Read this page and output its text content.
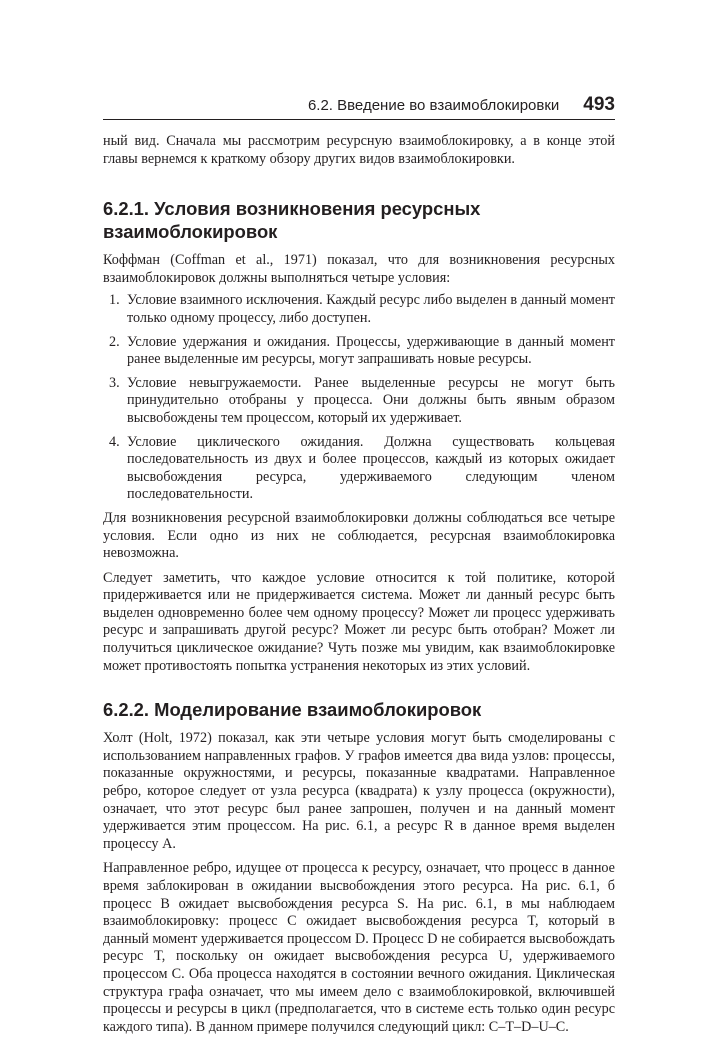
6.2. Введение во взаимоблокировки 493

ный вид. Сначала мы рассмотрим ресурсную взаимоблокировку, а в конце этой главы вернемся к краткому обзору других видов взаимоблокировки.

6.2.1. Условия возникновения ресурсных взаимоблокировок

Коффман (Coffman et al., 1971) показал, что для возникновения ресурсных взаимоблокировок должны выполняться четыре условия:

1. Условие взаимного исключения. Каждый ресурс либо выделен в данный момент только одному процессу, либо доступен.

2. Условие удержания и ожидания. Процессы, удерживающие в данный момент ранее выделенные им ресурсы, могут запрашивать новые ресурсы.

3. Условие невыгружаемости. Ранее выделенные ресурсы не могут быть принудительно отобраны у процесса. Они должны быть явным образом высвобождены тем процессом, который их удерживает.

4. Условие циклического ожидания. Должна существовать кольцевая последовательность из двух и более процессов, каждый из которых ожидает высвобождения ресурса, удерживаемого следующим членом последовательности.

Для возникновения ресурсной взаимоблокировки должны соблюдаться все четыре условия. Если одно из них не соблюдается, ресурсная взаимоблокировка невозможна.

Следует заметить, что каждое условие относится к той политике, которой придерживается или не придерживается система. Может ли данный ресурс быть выделен одновременно более чем одному процессу? Может ли процесс удерживать ресурс и запрашивать другой ресурс? Может ли ресурс быть отобран? Может ли получиться циклическое ожидание? Чуть позже мы увидим, как взаимоблокировке может противостоять попытка устранения некоторых из этих условий.

6.2.2. Моделирование взаимоблокировок

Холт (Holt, 1972) показал, как эти четыре условия могут быть смоделированы с использованием направленных графов. У графов имеется два вида узлов: процессы, показанные окружностями, и ресурсы, показанные квадратами. Направленное ребро, которое следует от узла ресурса (квадрата) к узлу процесса (окружности), означает, что этот ресурс был ранее запрошен, получен и на данный момент удерживается этим процессом. На рис. 6.1, а ресурс R в данное время выделен процессу A.

Направленное ребро, идущее от процесса к ресурсу, означает, что процесс в данное время заблокирован в ожидании высвобождения этого ресурса. На рис. 6.1, б процесс B ожидает высвобождения ресурса S. На рис. 6.1, в мы наблюдаем взаимоблокировку: процесс C ожидает высвобождения ресурса T, который в данный момент удерживается процессом D. Процесс D не собирается высвобождать ресурс T, поскольку он ожидает высвобождения ресурса U, удерживаемого процессом C. Оба процесса находятся в состоянии вечного ожидания. Циклическая структура графа означает, что мы имеем дело с взаимоблокировкой, включившей процессы и ресурсы в цикл (предполагается, что в системе есть только один ресурс каждого типа). В данном примере получился следующий цикл: C–T–D–U–C.
